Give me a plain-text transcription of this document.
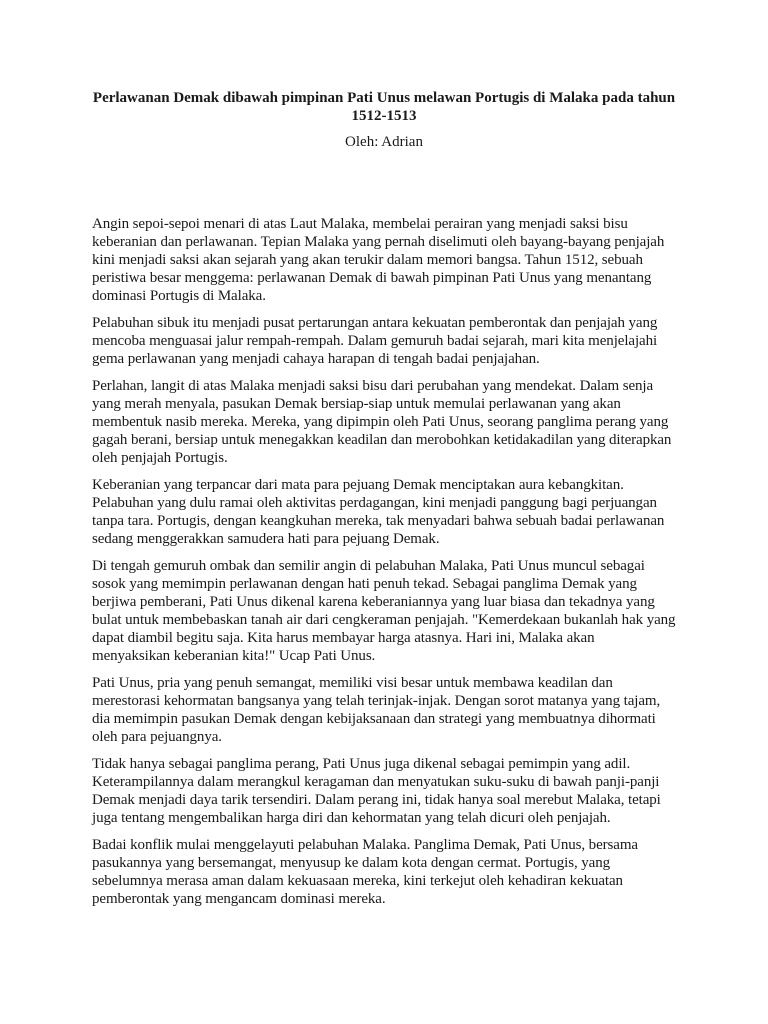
Perlawanan Demak dibawah pimpinan Pati Unus melawan Portugis di Malaka pada tahun 1512-1513

Oleh: Adrian

Angin sepoi-sepoi menari di atas Laut Malaka, membelai perairan yang menjadi saksi bisu keberanian dan perlawanan. Tepian Malaka yang pernah diselimuti oleh bayang-bayang penjajah kini menjadi saksi akan sejarah yang akan terukir dalam memori bangsa. Tahun 1512, sebuah peristiwa besar menggema: perlawanan Demak di bawah pimpinan Pati Unus yang menantang dominasi Portugis di Malaka.

Pelabuhan sibuk itu menjadi pusat pertarungan antara kekuatan pemberontak dan penjajah yang mencoba menguasai jalur rempah-rempah. Dalam gemuruh badai sejarah, mari kita menjelajahi gema perlawanan yang menjadi cahaya harapan di tengah badai penjajahan.

Perlahan, langit di atas Malaka menjadi saksi bisu dari perubahan yang mendekat. Dalam senja yang merah menyala, pasukan Demak bersiap-siap untuk memulai perlawanan yang akan membentuk nasib mereka. Mereka, yang dipimpin oleh Pati Unus, seorang panglima perang yang gagah berani, bersiap untuk menegakkan keadilan dan merobohkan ketidakadilan yang diterapkan oleh penjajah Portugis.

Keberanian yang terpancar dari mata para pejuang Demak menciptakan aura kebangkitan. Pelabuhan yang dulu ramai oleh aktivitas perdagangan, kini menjadi panggung bagi perjuangan tanpa tara. Portugis, dengan keangkuhan mereka, tak menyadari bahwa sebuah badai perlawanan sedang menggerakkan samudera hati para pejuang Demak.

Di tengah gemuruh ombak dan semilir angin di pelabuhan Malaka, Pati Unus muncul sebagai sosok yang memimpin perlawanan dengan hati penuh tekad. Sebagai panglima Demak yang berjiwa pemberani, Pati Unus dikenal karena keberaniannya yang luar biasa dan tekadnya yang bulat untuk membebaskan tanah air dari cengkeraman penjajah. "Kemerdekaan bukanlah hak yang dapat diambil begitu saja. Kita harus membayar harga atasnya. Hari ini, Malaka akan menyaksikan keberanian kita!" Ucap Pati Unus.

Pati Unus, pria yang penuh semangat, memiliki visi besar untuk membawa keadilan dan merestorasi kehormatan bangsanya yang telah terinjak-injak. Dengan sorot matanya yang tajam, dia memimpin pasukan Demak dengan kebijaksanaan dan strategi yang membuatnya dihormati oleh para pejuangnya.

Tidak hanya sebagai panglima perang, Pati Unus juga dikenal sebagai pemimpin yang adil. Keterampilannya dalam merangkul keragaman dan menyatukan suku-suku di bawah panji-panji Demak menjadi daya tarik tersendiri. Dalam perang ini, tidak hanya soal merebut Malaka, tetapi juga tentang mengembalikan harga diri dan kehormatan yang telah dicuri oleh penjajah.

Badai konflik mulai menggelayuti pelabuhan Malaka. Panglima Demak, Pati Unus, bersama pasukannya yang bersemangat, menyusup ke dalam kota dengan cermat. Portugis, yang sebelumnya merasa aman dalam kekuasaan mereka, kini terkejut oleh kehadiran kekuatan pemberontak yang mengancam dominasi mereka.
